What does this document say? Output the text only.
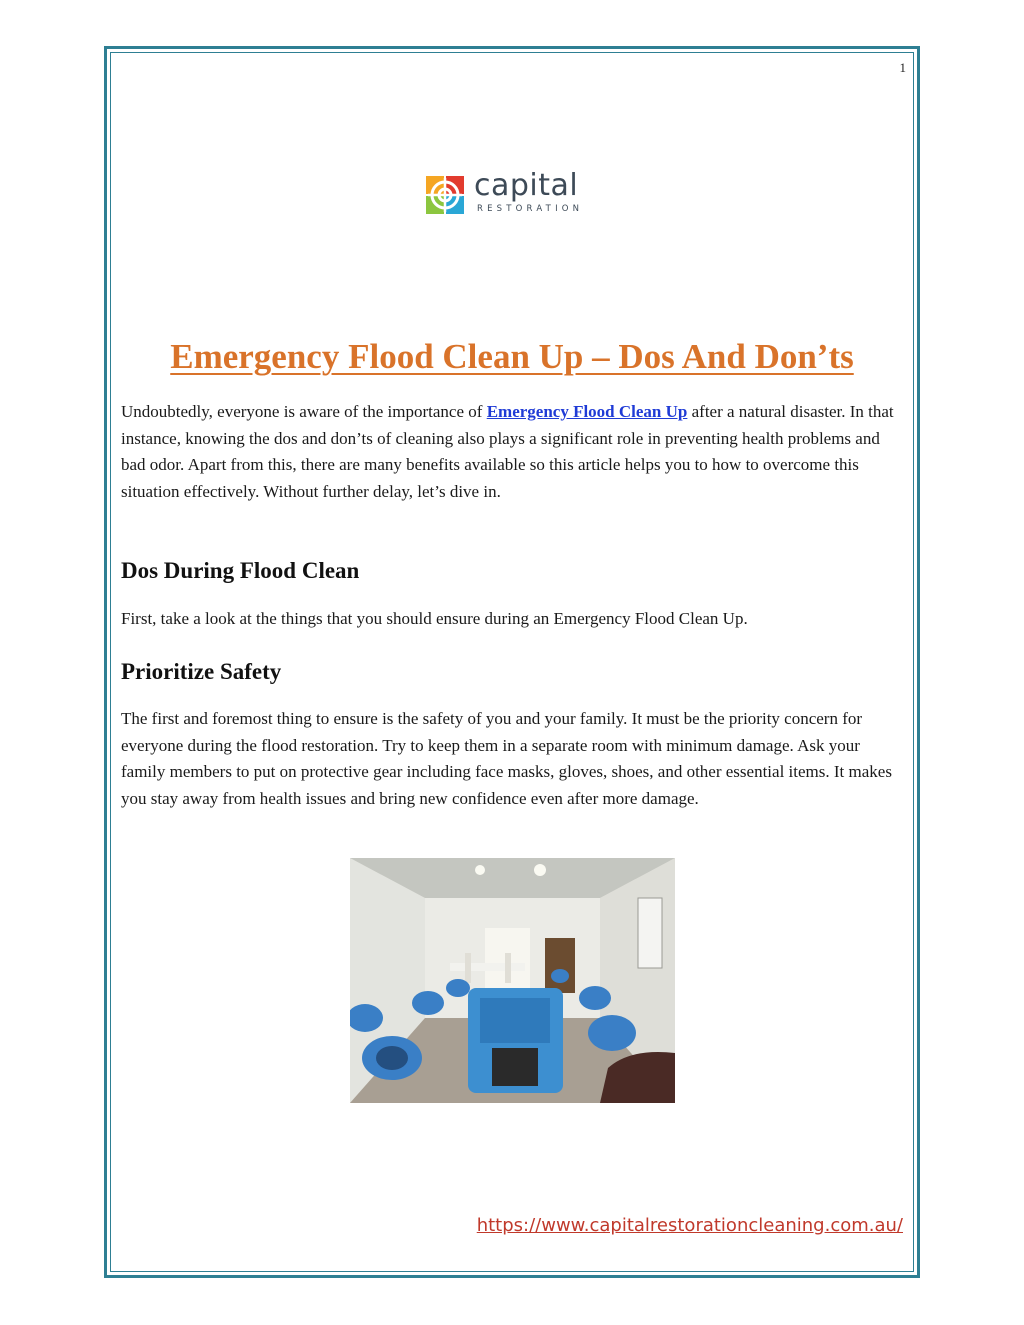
1
capital
RESTORATION
Emergency Flood Clean Up – Dos And Don’ts

Undoubtedly, everyone is aware of the importance of Emergency Flood Clean Up after a natural disaster. In that instance, knowing the dos and don’ts of cleaning also plays a significant role in preventing health problems and bad odor. Apart from this, there are many benefits available so this article helps you to how to overcome this situation effectively. Without further delay, let’s dive in.

Dos During Flood Clean

First, take a look at the things that you should ensure during an Emergency Flood Clean Up.

Prioritize Safety

The first and foremost thing to ensure is the safety of you and your family. It must be the priority concern for everyone during the flood restoration. Try to keep them in a separate room with minimum damage. Ask your family members to put on protective gear including face masks, gloves, shoes, and other essential items. It makes you stay away from health issues and bring new confidence even after more damage.

https://www.capitalrestorationcleaning.com.au/
